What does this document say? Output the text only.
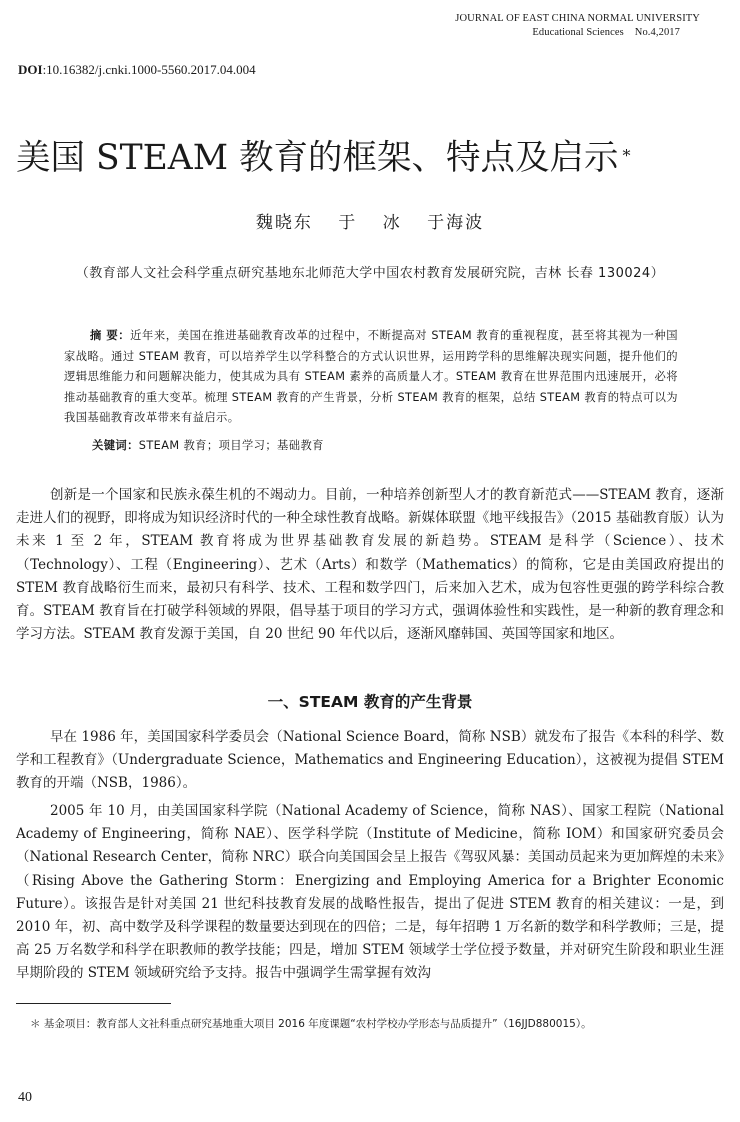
JOURNAL OF EAST CHINA NORMAL UNIVERSITY
Educational Sciences    No.4,2017
DOI:10.16382/j.cnki.1000-5560.2017.04.004
美国 STEAM 教育的框架、特点及启示 *
魏晓东 于 冰 于海波
（教育部人文社会科学重点研究基地东北师范大学中国农村教育发展研究院，吉林 长春 130024）
摘 要：近年来，美国在推进基础教育改革的过程中，不断提高对 STEAM 教育的重视程度，甚至将其视为一种国家战略。通过 STEAM 教育，可以培养学生以学科整合的方式认识世界，运用跨学科的思维解决现实问题，提升他们的逻辑思维能力和问题解决能力，使其成为具有 STEAM 素养的高质量人才。STEAM 教育在世界范围内迅速展开，必将推动基础教育的重大变革。梳理 STEAM 教育的产生背景，分析 STEAM 教育的框架，总结 STEAM 教育的特点可以为我国基础教育改革带来有益启示。
关键词：STEAM 教育；项目学习；基础教育
创新是一个国家和民族永葆生机的不竭动力。目前，一种培养创新型人才的教育新范式——STEAM 教育，逐渐走进人们的视野，即将成为知识经济时代的一种全球性教育战略。新媒体联盟《地平线报告》（2015 基础教育版）认为未来 1 至 2 年，STEAM 教育将成为世界基础教育发展的新趋势。STEAM 是科学（Science）、技术（Technology）、工程（Engineering）、艺术（Arts）和数学（Mathematics）的简称，它是由美国政府提出的 STEM 教育战略衍生而来，最初只有科学、技术、工程和数学四门，后来加入艺术，成为包容性更强的跨学科综合教育。STEAM 教育旨在打破学科领域的界限，倡导基于项目的学习方式，强调体验性和实践性，是一种新的教育理念和学习方法。STEAM 教育发源于美国，自 20 世纪 90 年代以后，逐渐风靡韩国、英国等国家和地区。
一、STEAM 教育的产生背景
早在 1986 年，美国国家科学委员会（National Science Board，简称 NSB）就发布了报告《本科的科学、数学和工程教育》（Undergraduate Science，Mathematics and Engineering Education），这被视为提倡 STEM 教育的开端（NSB，1986）。
2005 年 10 月，由美国国家科学院（National Academy of Science，简称 NAS）、国家工程院（National Academy of Engineering，简称 NAE）、医学科学院（Institute of Medicine，简称 IOM）和国家研究委员会（National Research Center，简称 NRC）联合向美国国会呈上报告《驾驭风暴：美国动员起来为更加辉煌的未来》（Rising Above the Gathering Storm：Energizing and Employing America for a Brighter Economic Future）。该报告是针对美国 21 世纪科技教育发展的战略性报告，提出了促进 STEM 教育的相关建议：一是，到 2010 年，初、高中数学及科学课程的数量要达到现在的四倍；二是，每年招聘 1 万名新的数学和科学教师；三是，提高 25 万名数学和科学在职教师的教学技能；四是，增加 STEM 领域学士学位授予数量，并对研究生阶段和职业生涯早期阶段的 STEM 领域研究给予支持。报告中强调学生需掌握有效沟
＊ 基金项目：教育部人文社科重点研究基地重大项目 2016 年度课题“农村学校办学形态与品质提升”（16JJD880015）。
40
